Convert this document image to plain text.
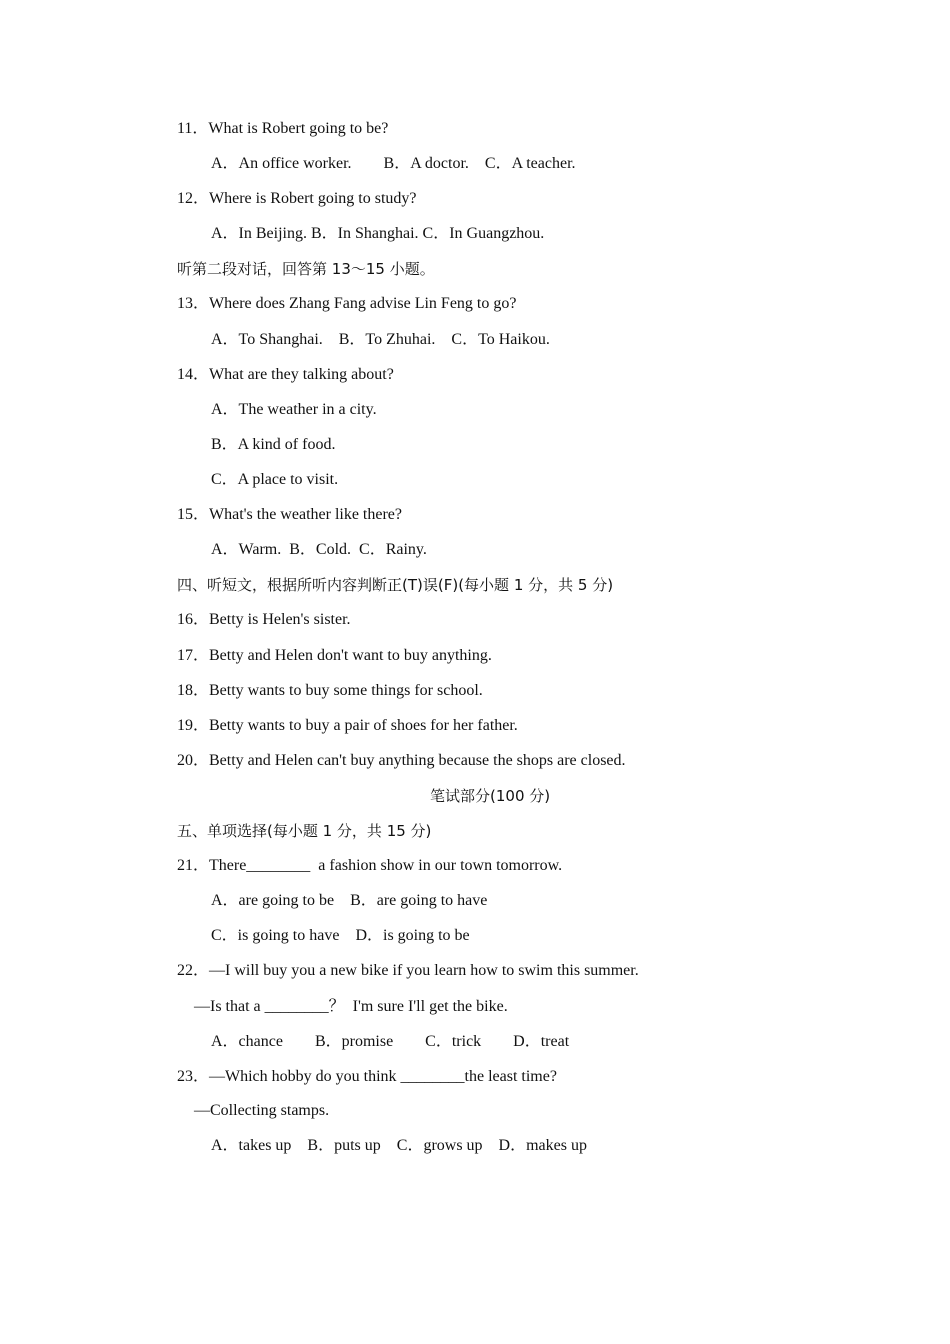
11．What is Robert going to be?
A．An office worker.        B．A doctor.    C．A teacher.
12．Where is Robert going to study?
A．In Beijing. B．In Shanghai. C．In Guangzhou.
听第二段对话，回答第 13～15 小题。
13．Where does Zhang Fang advise Lin Feng to go?
A．To Shanghai.    B．To Zhuhai.    C．To Haikou.
14．What are they talking about?
A．The weather in a city.
B．A kind of food.
C．A place to visit.
15．What's the weather like there?
A．Warm.  B．Cold.  C．Rainy.
四、听短文，根据所听内容判断正(T)误(F)(每小题 1 分，共 5 分)
16．Betty is Helen's sister.
17．Betty and Helen don't want to buy anything.
18．Betty wants to buy some things for school.
19．Betty wants to buy a pair of shoes for her father.
20．Betty and Helen can't buy anything because the shops are closed.
笔试部分(100 分)
五、单项选择(每小题 1 分，共 15 分)
21．There________  a fashion show in our town tomorrow.
A．are going to be    B．are going to have
C．is going to have    D．is going to be
22．—I will buy you a new bike if you learn how to swim this summer.
—Is that a ________？  I'm sure I'll get the bike.
A．chance        B．promise        C．trick        D．treat
23．—Which hobby do you think ________the least time?
—Collecting stamps.
A．takes up    B．puts up    C．grows up    D．makes up
